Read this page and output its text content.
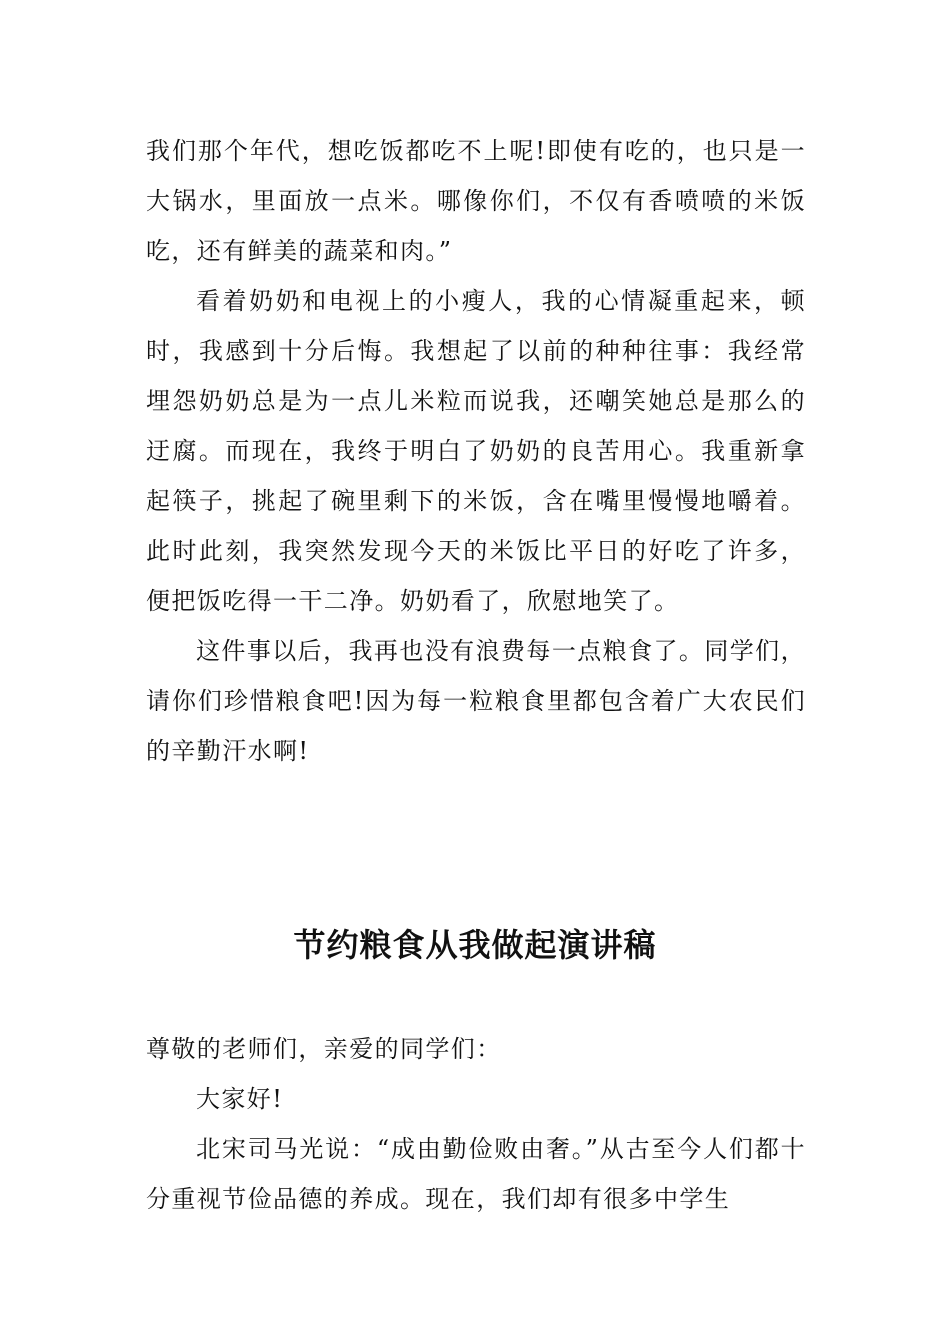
我们那个年代，想吃饭都吃不上呢!即使有吃的，也只是一大锅水，里面放一点米。哪像你们，不仅有香喷喷的米饭吃，还有鲜美的蔬菜和肉。”

看着奶奶和电视上的小瘦人，我的心情凝重起来，顿时，我感到十分后悔。我想起了以前的种种往事：我经常埋怨奶奶总是为一点儿米粒而说我，还嘲笑她总是那么的迂腐。而现在，我终于明白了奶奶的良苦用心。我重新拿起筷子，挑起了碗里剩下的米饭，含在嘴里慢慢地嚼着。此时此刻，我突然发现今天的米饭比平日的好吃了许多，便把饭吃得一干二净。奶奶看了，欣慰地笑了。

这件事以后，我再也没有浪费每一点粮食了。同学们，请你们珍惜粮食吧!因为每一粒粮食里都包含着广大农民们的辛勤汗水啊!

节约粮食从我做起演讲稿

尊敬的老师们，亲爱的同学们：

大家好!

北宋司马光说：“成由勤俭败由奢。”从古至今人们都十分重视节俭品德的养成。现在，我们却有很多中学生
